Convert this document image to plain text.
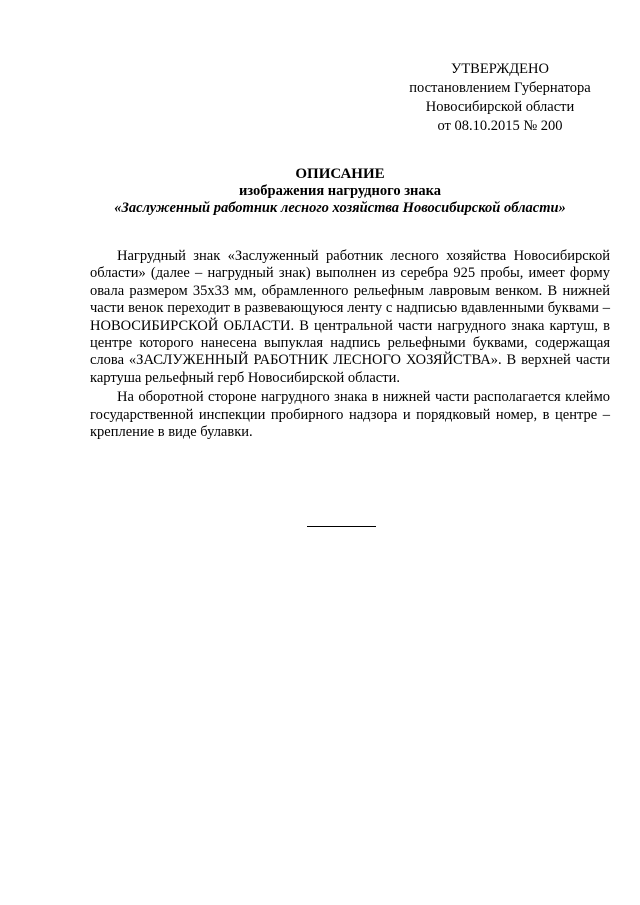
УТВЕРЖДЕНО
постановлением Губернатора
Новосибирской области
от 08.10.2015 № 200
ОПИСАНИЕ
изображения нагрудного знака
«Заслуженный работник лесного хозяйства Новосибирской области»

Нагрудный знак «Заслуженный работник лесного хозяйства Новосибирской области» (далее – нагрудный знак) выполнен из серебра 925 пробы, имеет форму овала размером 35х33 мм, обрамленного рельефным лавровым венком. В нижней части венок переходит в развевающуюся ленту с надписью вдавленными буквами – НОВОСИБИРСКОЙ ОБЛАСТИ. В центральной части нагрудного знака картуш, в центре которого нанесена выпуклая надпись рельефными буквами, содержащая слова «ЗАСЛУЖЕННЫЙ РАБОТНИК ЛЕСНОГО ХОЗЯЙСТВА». В верхней части картуша рельефный герб Новосибирской области.

На оборотной стороне нагрудного знака в нижней части располагается клеймо государственной инспекции пробирного надзора и порядковый номер, в центре – крепление в виде булавки.
